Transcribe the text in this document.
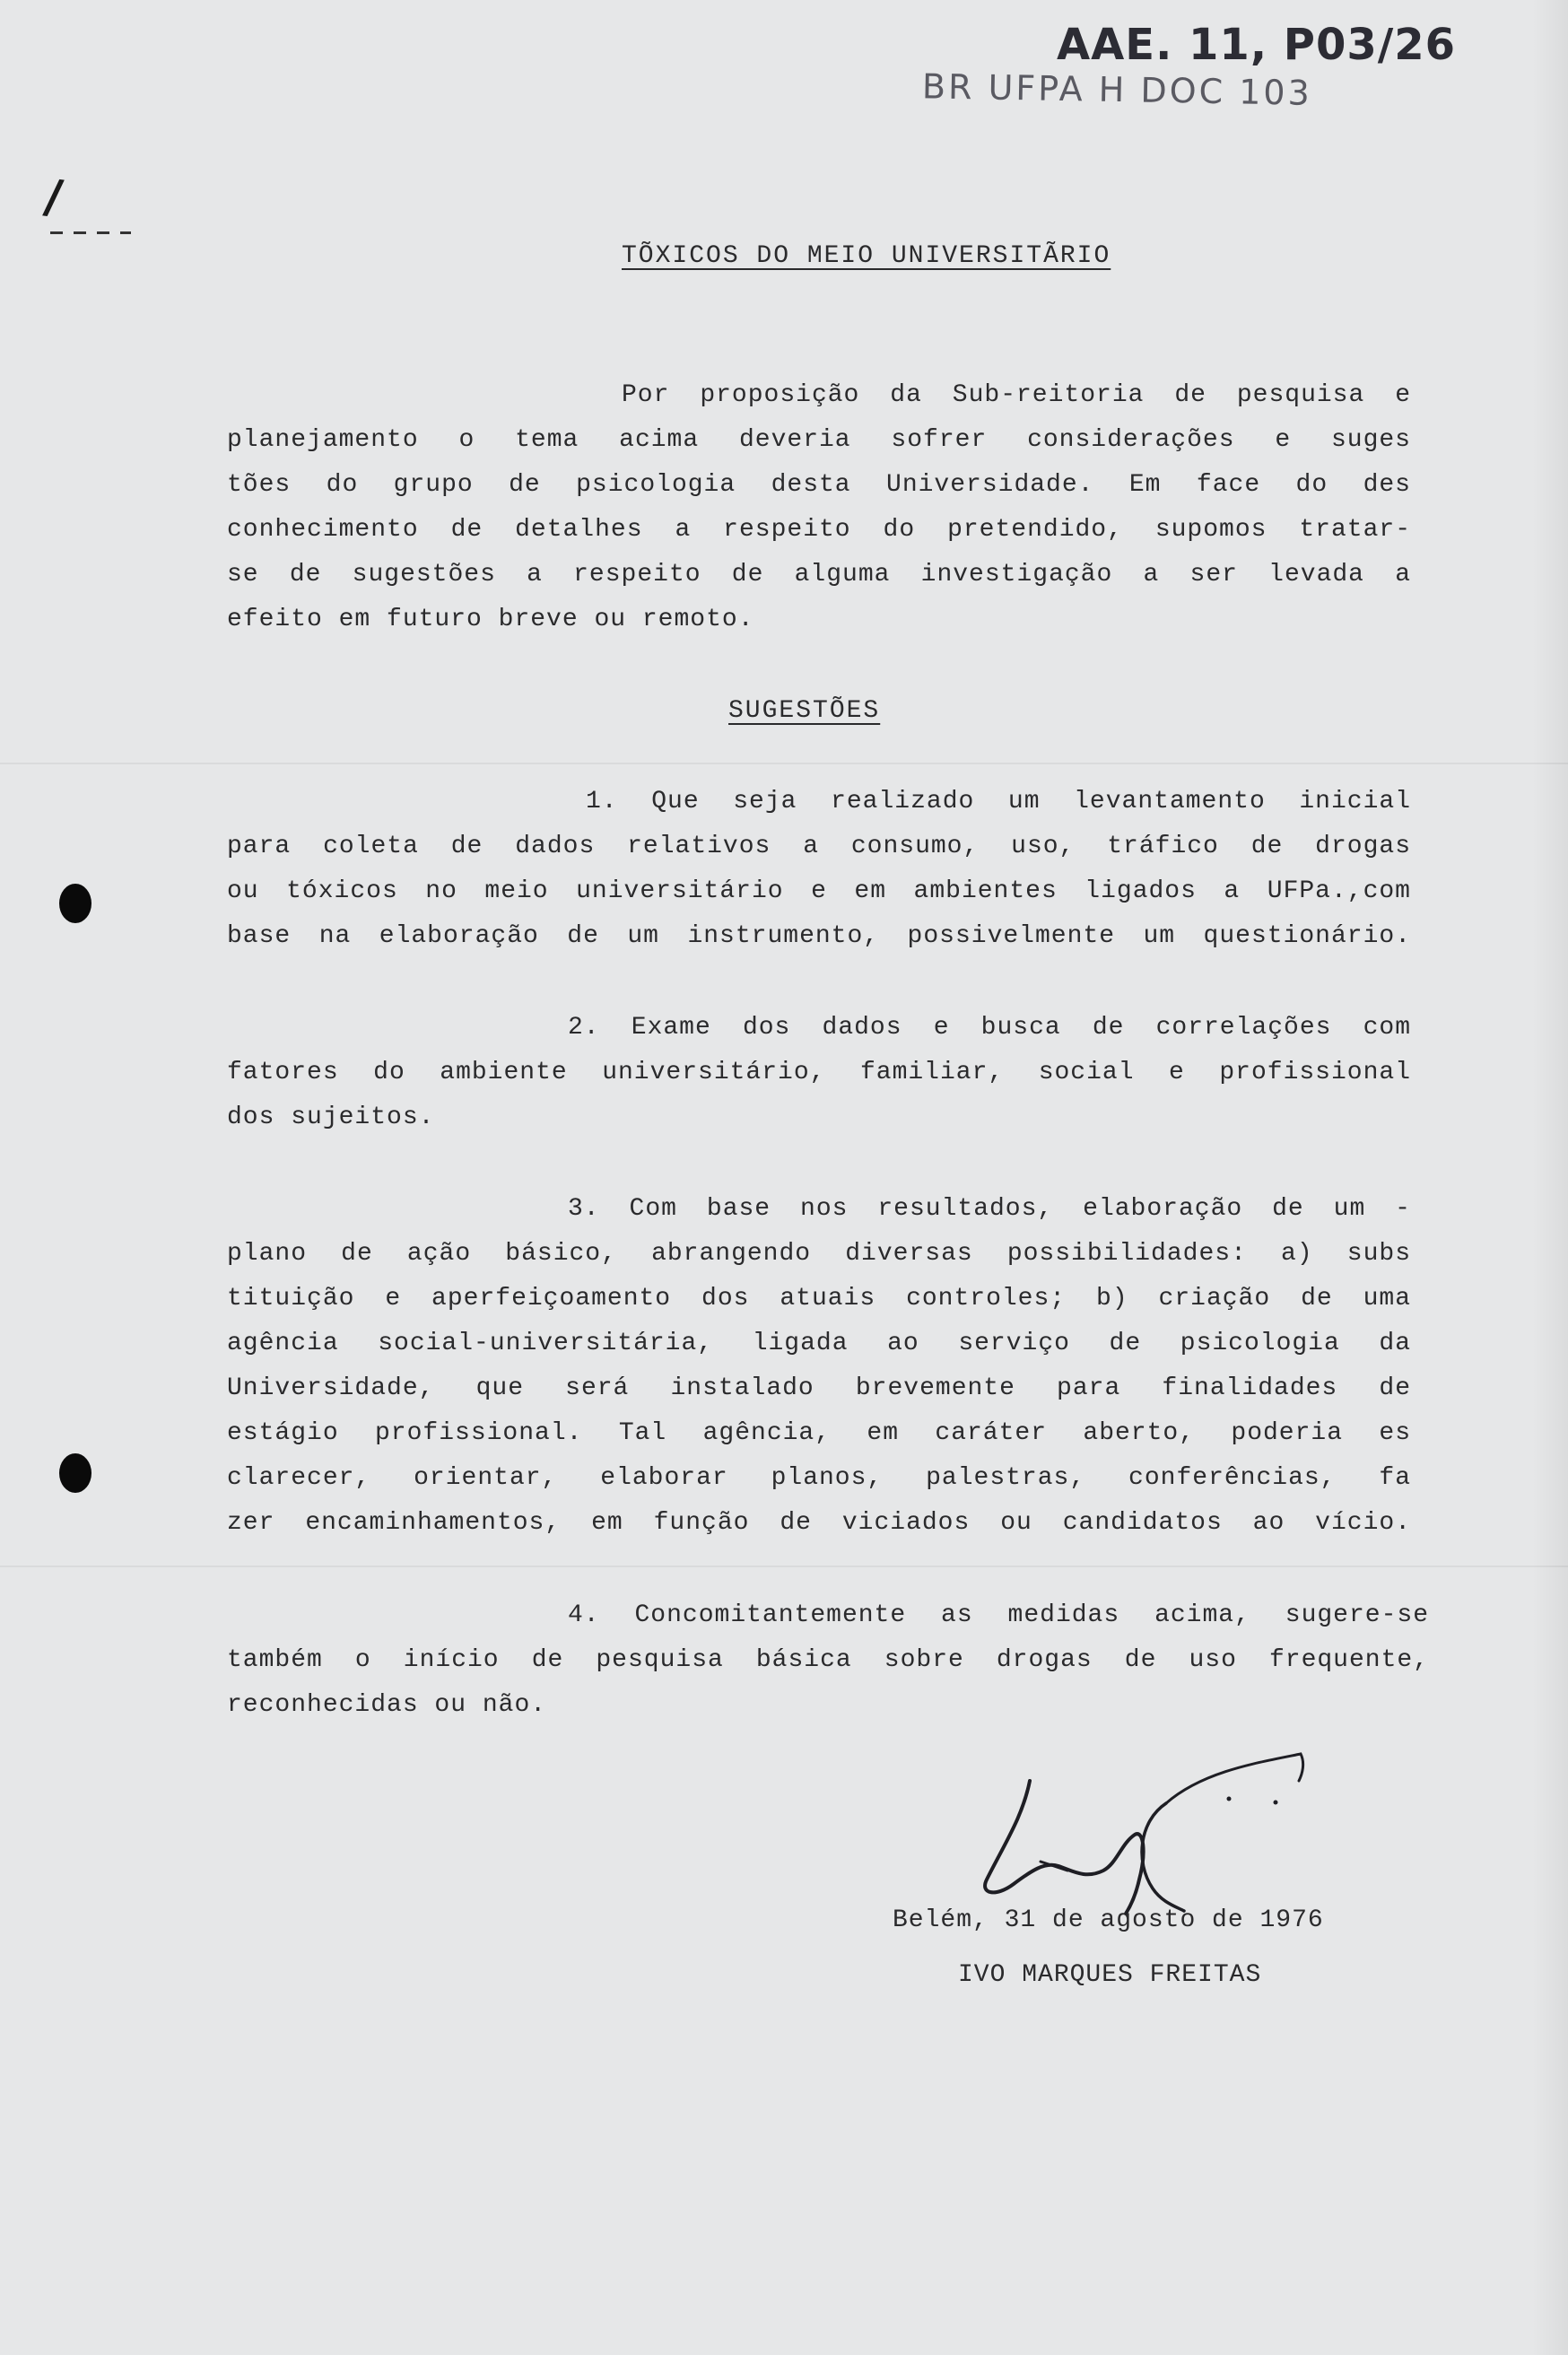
AAE. 11, P03/26
BR UFPA H DOC 103
/
TÕXICOS DO MEIO UNIVERSITÃRIO
Por proposição da Sub-reitoria de pesquisa e
planejamento o tema acima deveria sofrer considerações e suges
tões do grupo de psicologia desta Universidade. Em face do des
conhecimento de detalhes a respeito do pretendido, supomos tratar-
se de sugestões a respeito de alguma investigação a ser levada a
efeito em futuro breve ou remoto.
SUGESTÕES
1. Que seja realizado um levantamento inicial
para coleta de dados relativos a consumo, uso, tráfico de drogas
ou tóxicos no meio universitário e em ambientes ligados a UFPa.,com
base na elaboração de um instrumento, possivelmente um questionário.
2. Exame dos dados e busca de correlações com
fatores do ambiente universitário, familiar, social e profissional
dos sujeitos.
3. Com base nos resultados, elaboração de um -
plano de ação básico, abrangendo diversas possibilidades: a) subs
tituição e aperfeiçoamento dos atuais controles; b) criação de uma
agência social-universitária, ligada ao serviço de psicologia da
Universidade, que será instalado brevemente para finalidades de
estágio profissional. Tal agência, em caráter aberto, poderia es
clarecer, orientar, elaborar planos, palestras, conferências, fa
zer encaminhamentos, em função de viciados ou candidatos ao vício.
4. Concomitantemente as medidas acima, sugere-se
também o início de pesquisa básica sobre drogas de uso frequente,
reconhecidas ou não.
Belém, 31 de agosto de 1976
IVO MARQUES FREITAS
